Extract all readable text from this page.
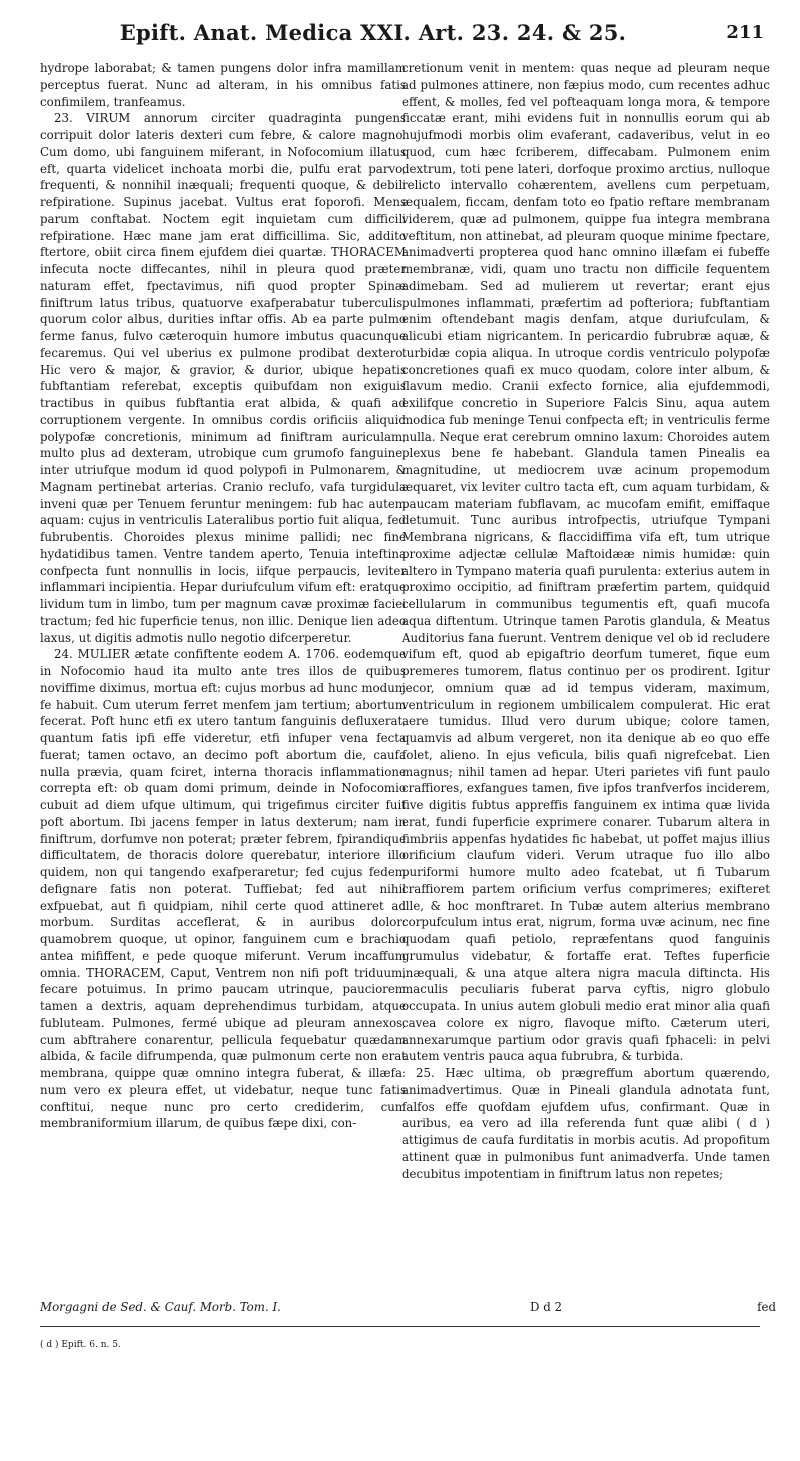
Epift. Anat. Medica XXI. Art. 23. 24. & 25.	211

hydrope laborabat; & tamen pungens dolor infra mamillam perceptus fuerat. Nunc ad alteram, in his omnibus fatis confimilem, tranfeamus.

23. VIRUM annorum circiter quadraginta pungens corripuit dolor lateris dexteri cum febre, & calore magno. Cum domo, ubi fanguinem miferant, in Nofocomium illatus eft, quarta videlicet inchoata morbi die, pulfu erat parvo, frequenti, & nonnihil inæquali; frequenti quoque, & debili refpiratione. Supinus jacebat. Vultus erat foporofi. Mens parum conftabat. Noctem egit inquietam cum difficili refpiratione. Hæc mane jam erat difficillima. Sic, addito ftertore, obiit circa finem ejufdem diei quartæ. THORACEM infecuta nocte diffecantes, nihil in pleura quod præter naturam effet, fpectavimus, nifi quod propter Spinæ finiftrum latus tribus, quatuorve exafperabatur tuberculis, quorum color albus, durities inftar offis. Ab ea parte pulmo ferme fanus, fulvo cæteroquin humore imbutus quacunque fecaremus. Qui vel uberius ex pulmone prodibat dextero. Hic vero & major, & gravior, & durior, ubique hepatis fubftantiam referebat, exceptis quibufdam non exiguis tractibus in quibus fubftantia erat albida, & quafi ad corruptionem vergente. In omnibus cordis orificiis aliquid polypofæ concretionis, minimum ad finiftram auriculam, multo plus ad dexteram, utrobique cum grumofo fanguine, inter utriufque modum id quod polypofi in Pulmonarem, & Magnam pertinebat arterias. Cranio reclufo, vafa turgidula inveni quæ per Tenuem feruntur meningem: fub hac autem aquam: cujus in ventriculis Lateralibus portio fuit aliqua, fed fubrubentis. Choroides plexus minime pallidi; nec fine hydatidibus tamen. Ventre tandem aperto, Tenuia inteftina confpecta funt nonnullis in locis, iifque perpaucis, leviter inflammari incipientia. Hepar duriufculum vifum eft: eratque lividum tum in limbo, tum per magnum cavæ proximæ faciei tractum; fed hic fuperficie tenus, non illic. Denique lien adeo laxus, ut digitis admotis nullo negotio difcerperetur.

24. MULIER ætate confiftente eodem A. 1706. eodemque in Nofocomio haud ita multo ante tres illos de quibus noviffime diximus, mortua eft: cujus morbus ad hunc modum fe habuit. Cum uterum ferret menfem jam tertium; abortum fecerat. Poft hunc etfi ex utero tantum fanguinis defluxerat, quantum fatis ipfi effe videretur, etfi infuper vena fecta fuerat; tamen octavo, an decimo poft abortum die, caufa nulla prævia, quam fciret, interna thoracis inflammatione correpta eft: ob quam domi primum, deinde in Nofocomio cubuit ad diem ufque ultimum, qui trigefimus circiter fuit poft abortum. Ibi jacens femper in latus dexterum; nam in finiftrum, dorfumve non poterat; præter febrem, fpirandique difficultatem, de thoracis dolore querebatur, interiore illo quidem, non qui tangendo exafperaretur; fed cujus fedem defignare fatis non poterat. Tuffiebat; fed aut nihil exfpuebat, aut fi quidpiam, nihil certe quod attineret ad morbum. Surditas acceflerat, & in auribus dolor: quamobrem quoque, ut opinor, fanguinem cum e brachio antea mififfent, e pede quoque miferunt. Verum incaffum omnia. THORACEM, Caput, Ventrem non nifi poft triduum, fecare potuimus. In primo paucam utrinque, pauciorem tamen a dextris, aquam deprehendimus turbidam, atque fubluteam. Pulmones, fermé ubique ad pleuram annexos, cum abftrahere conarentur, pellicula fequebatur quædam albida, & facile difrumpenda, quæ pulmonum certe non erat membrana, quippe quæ omnino integra fuberat, & illæfa: num vero ex pleura effet, ut videbatur, neque tunc fatis conftitui, neque nunc pro certo crediderim, cum membraniformium illarum, de quibus fæpe dixi, con-

cretionum venit in mentem: quas neque ad pleuram neque ad pulmones attinere, non fæpius modo, cum recentes adhuc effent, & molles, fed vel pofteaquam longa mora, & tempore ficcatæ erant, mihi evidens fuit in nonnullis eorum qui ab hujufmodi morbis olim evaferant, cadaveribus, velut in eo quod, cum hæc fcriberem, diffecabam. Pulmonem enim dextrum, toti pene lateri, dorfoque proximo arctius, nulloque relicto intervallo cohærentem, avellens cum perpetuam, æqualem, ficcam, denfam toto eo fpatio reftare membranam viderem, quæ ad pulmonem, quippe fua integra membrana veftitum, non attinebat, ad pleuram quoque minime fpectare, animadverti propterea quod hanc omnino illæfam ei fubeffe membranæ, vidi, quam uno tractu non difficile fequentem adimebam. Sed ad mulierem ut revertar; erant ejus pulmones inflammati, præfertim ad pofteriora; fubftantiam enim oftendebant magis denfam, atque duriufculam, & alicubi etiam nigricantem. In pericardio fubrubræ aquæ, & turbidæ copia aliqua. In utroque cordis ventriculo polypofæ concretiones quafi ex muco quodam, colore inter album, & flavum medio. Cranii exfecto fornice, alia ejufdemmodi, exilifque concretio in Superiore Falcis Sinu, aqua autem modica fub meninge Tenui confpecta eft; in ventriculis ferme nulla. Neque erat cerebrum omnino laxum: Choroides autem plexus bene fe habebant. Glandula tamen Pinealis ea magnitudine, ut mediocrem uvæ acinum propemodum æquaret, vix leviter cultro tacta eft, cum aquam turbidam, & paucam materiam fubflavam, ac mucofam emifit, emiffaque detumuit. Tunc auribus introfpectis, utriufque Tympani Membrana nigricans, & flaccidiffima vifa eft, tum utrique proxime adjectæ cellulæ Maftoidææ nimis humidæ: quin altero in Tympano materia quafi purulenta: exterius autem in proximo occipitio, ad finiftram præfertim partem, quidquid cellularum in communibus tegumentis eft, quafi mucofa aqua diftentum. Utrinque tamen Parotis glandula, & Meatus Auditorius fana fuerunt. Ventrem denique vel ob id recludere vifum eft, quod ab epigaftrio deorfum tumeret, fique eum premeres tumorem, flatus continuo per os prodirent. Igitur jecor, omnium quæ ad id tempus videram, maximum, ventriculum in regionem umbilicalem compulerat. Hic erat aere tumidus. Illud vero durum ubique; colore tamen, quamvis ad album vergeret, non ita denique ab eo quo effe folet, alieno. In ejus veficula, bilis quafi nigrefcebat. Lien magnus; nihil tamen ad hepar. Uteri parietes vifi funt paulo craffiores, exfangues tamen, five ipfos tranfverfos inciderem, five digitis fubtus appreffis fanguinem ex intima quæ livida erat, fundi fuperficie exprimere conarer. Tubarum altera in fimbriis appenfas hydatides fic habebat, ut poffet majus illius orificium claufum videri. Verum utraque fuo illo albo puriformi humore multo adeo fcatebat, ut fi Tubarum craffiorem partem orificium verfus comprimeres; exifteret ille, & hoc monftraret. In Tubæ autem alterius membrano corpufculum intus erat, nigrum, forma uvæ acinum, nec fine quodam quafi petiolo, repræfentans quod fanguinis grumulus videbatur, & fortaffe erat. Teftes fuperficie inæquali, & una atque altera nigra macula diftincta. His maculis peculiaris fuberat parva cyftis, nigro globulo occupata. In unius autem globuli medio erat minor alia quafi cavea colore ex nigro, flavoque mifto. Cæterum uteri, annexarumque partium odor gravis quafi fphaceli: in pelvi autem ventris pauca aqua fubrubra, & turbida.

25. Hæc ultima, ob prægreffum abortum quærendo, animadvertimus. Quæ in Pineali glandula adnotata funt, falfos effe quofdam ejufdem ufus, confirmant. Quæ in auribus, ea vero ad illa referenda funt quæ alibi ( d ) attigimus de caufa furditatis in morbis acutis. Ad propofitum attinent quæ in pulmonibus funt animadverfa. Unde tamen decubitus impotentiam in finiftrum latus non repetes;

Morgagni de Sed. & Cauf. Morb. Tom. I.	D d 2	fed
( d ) Epift. 6. n. 5.
